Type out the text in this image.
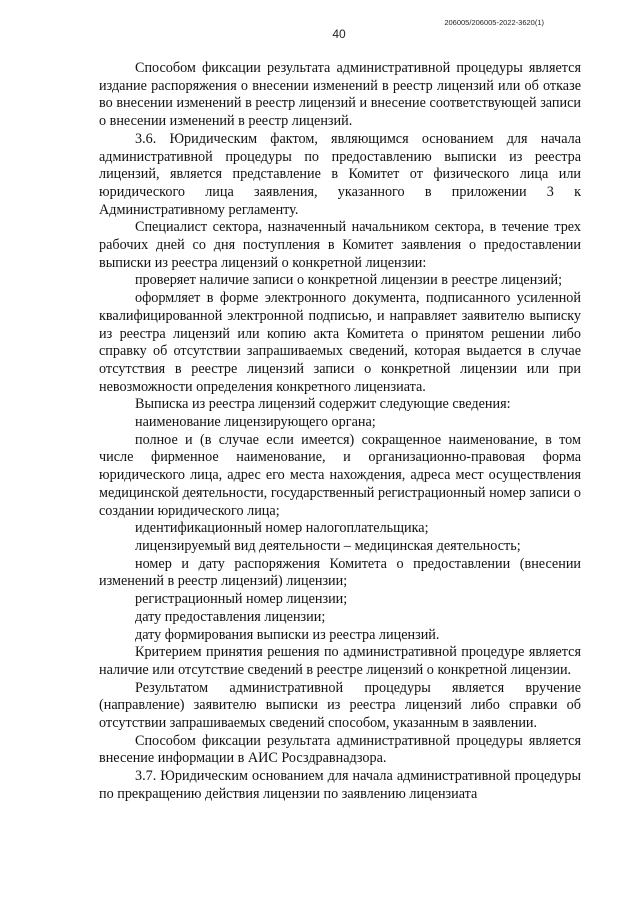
40
206005/206005-2022-3620(1)

Способом фиксации результата административной процедуры является издание распоряжения о внесении изменений в реестр лицензий или об отказе во внесении изменений в реестр лицензий и внесение соответствующей записи о внесении изменений в реестр лицензий.

3.6. Юридическим фактом, являющимся основанием для начала административной процедуры по предоставлению выписки из реестра лицензий, является представление в Комитет от физического лица или юридического лица заявления, указанного в приложении 3 к Административному регламенту.

Специалист сектора, назначенный начальником сектора, в течение трех рабочих дней со дня поступления в Комитет заявления о предоставлении выписки из реестра лицензий о конкретной лицензии:

проверяет наличие записи о конкретной лицензии в реестре лицензий;

оформляет в форме электронного документа, подписанного усиленной квалифицированной электронной подписью, и направляет заявителю выписку из реестра лицензий или копию акта Комитета о принятом решении либо справку об отсутствии запрашиваемых сведений, которая выдается в случае отсутствия в реестре лицензий записи о конкретной лицензии или при невозможности определения конкретного лицензиата.

Выписка из реестра лицензий содержит следующие сведения:

наименование лицензирующего органа;

полное и (в случае если имеется) сокращенное наименование, в том числе фирменное наименование, и организационно-правовая форма юридического лица, адрес его места нахождения, адреса мест осуществления медицинской деятельности, государственный регистрационный номер записи о создании юридического лица;

идентификационный номер налогоплательщика;

лицензируемый вид деятельности – медицинская деятельность;

номер и дату распоряжения Комитета о предоставлении (внесении изменений в реестр лицензий) лицензии;

регистрационный номер лицензии;

дату предоставления лицензии;

дату формирования выписки из реестра лицензий.

Критерием принятия решения по административной процедуре является наличие или отсутствие сведений в реестре лицензий о конкретной лицензии.

Результатом административной процедуры является вручение (направление) заявителю выписки из реестра лицензий либо справки об отсутствии запрашиваемых сведений способом, указанным в заявлении.

Способом фиксации результата административной процедуры является внесение информации в АИС Росздравнадзора.

3.7. Юридическим основанием для начала административной процедуры по прекращению действия лицензии по заявлению лицензиата
